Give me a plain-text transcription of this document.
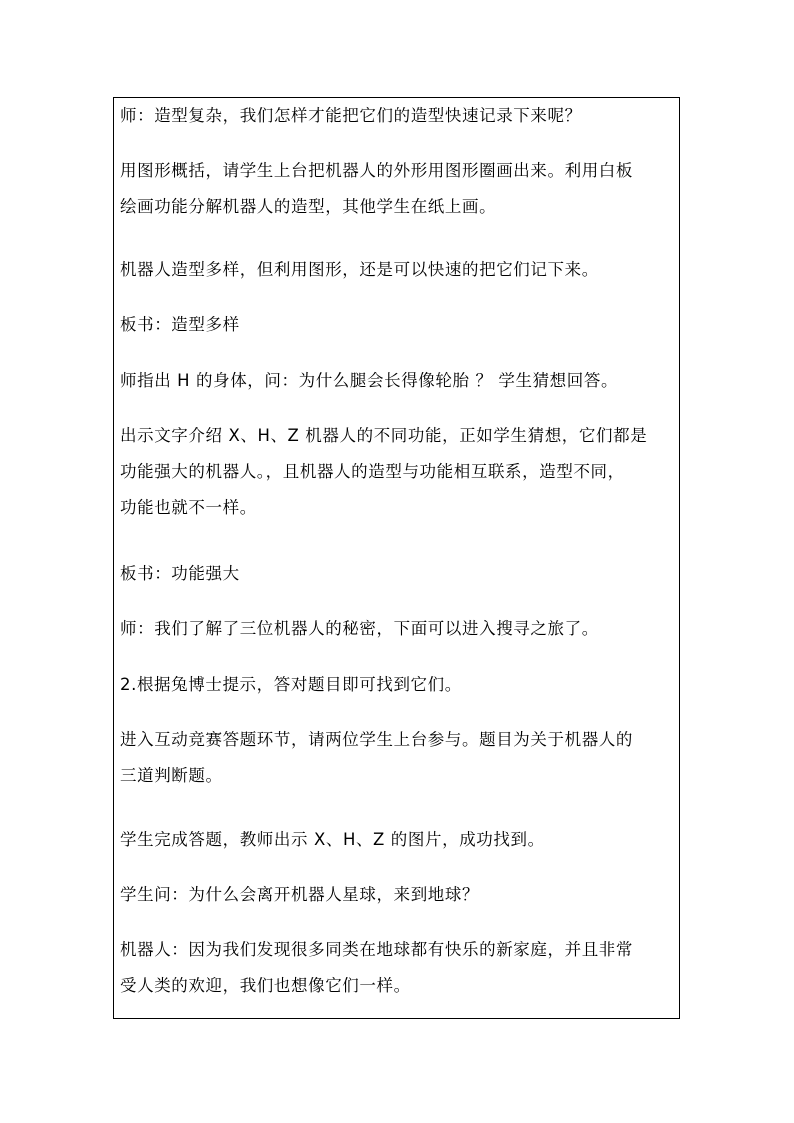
师：造型复杂，我们怎样才能把它们的造型快速记录下来呢？

用图形概括，请学生上台把机器人的外形用图形圈画出来。利用白板
绘画功能分解机器人的造型，其他学生在纸上画。

机器人造型多样，但利用图形，还是可以快速的把它们记下来。

板书：造型多样

师指出 H 的身体，问：为什么腿会长得像轮胎 ？ 学生猜想回答。

出示文字介绍 X、H、Z 机器人的不同功能，正如学生猜想，它们都是
功能强大的机器人。，且机器人的造型与功能相互联系，造型不同，
功能也就不一样。

板书：功能强大

师：我们了解了三位机器人的秘密，下面可以进入搜寻之旅了。

2.根据兔博士提示，答对题目即可找到它们。

进入互动竞赛答题环节，请两位学生上台参与。题目为关于机器人的
三道判断题。

学生完成答题，教师出示 X、H、Z 的图片，成功找到。

学生问：为什么会离开机器人星球，来到地球？

机器人：因为我们发现很多同类在地球都有快乐的新家庭，并且非常
受人类的欢迎，我们也想像它们一样。
